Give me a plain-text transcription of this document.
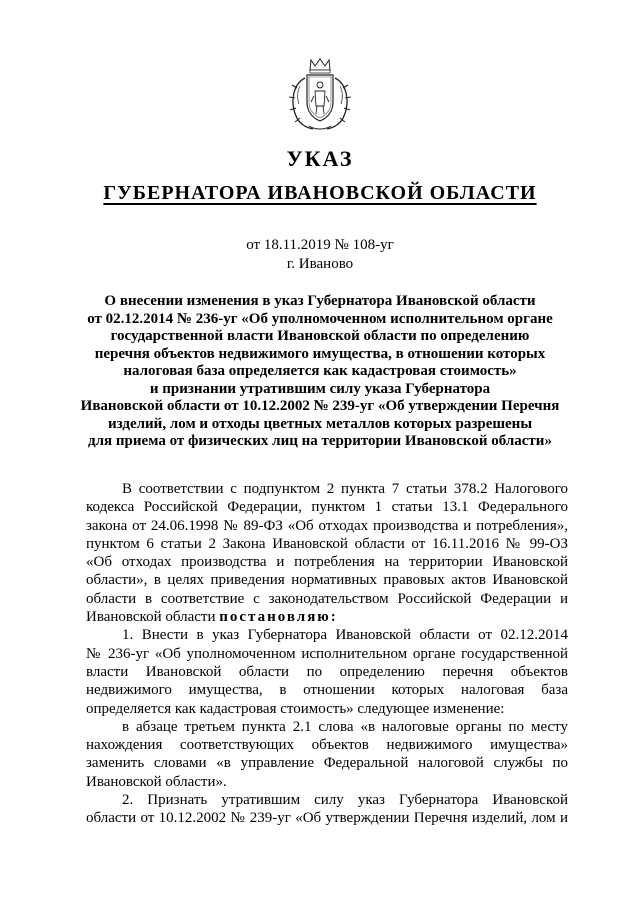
УКАЗ
ГУБЕРНАТОРА ИВАНОВСКОЙ ОБЛАСТИ
от 18.11.2019 № 108-уг
г. Иваново
О внесении изменения в указ Губернатора Ивановской области
от 02.12.2014 № 236-уг «Об уполномоченном исполнительном органе
государственной власти Ивановской области по определению
перечня объектов недвижимого имущества, в отношении которых
налоговая база определяется как кадастровая стоимость»
и признании утратившим силу указа Губернатора
Ивановской области от 10.12.2002 № 239-уг «Об утверждении Перечня
изделий, лом и отходы цветных металлов которых разрешены
для приема от физических лиц на территории Ивановской области»
В соответствии с подпунктом 2 пункта 7 статьи 378.2 Налогового
кодекса Российской Федерации, пунктом 1 статьи 13.1 Федерального
закона от 24.06.1998 № 89-ФЗ «Об отходах производства и потребления»,
пунктом 6 статьи 2 Закона Ивановской области от 16.11.2016 № 99-ОЗ
«Об отходах производства и потребления на территории Ивановской
области», в целях приведения нормативных правовых актов Ивановской
области в соответствие с законодательством Российской Федерации и
Ивановской области постановляю:
1. Внести в указ Губернатора Ивановской области от 02.12.2014
№ 236-уг «Об уполномоченном исполнительном органе государственной
власти Ивановской области по определению перечня объектов
недвижимого имущества, в отношении которых налоговая база
определяется как кадастровая стоимость» следующее изменение:
в абзаце третьем пункта 2.1 слова «в налоговые органы по месту
нахождения соответствующих объектов недвижимого имущества»
заменить словами «в управление Федеральной налоговой службы по
Ивановской области».
2. Признать утратившим силу указ Губернатора Ивановской
области от 10.12.2002 № 239-уг «Об утверждении Перечня изделий, лом и
